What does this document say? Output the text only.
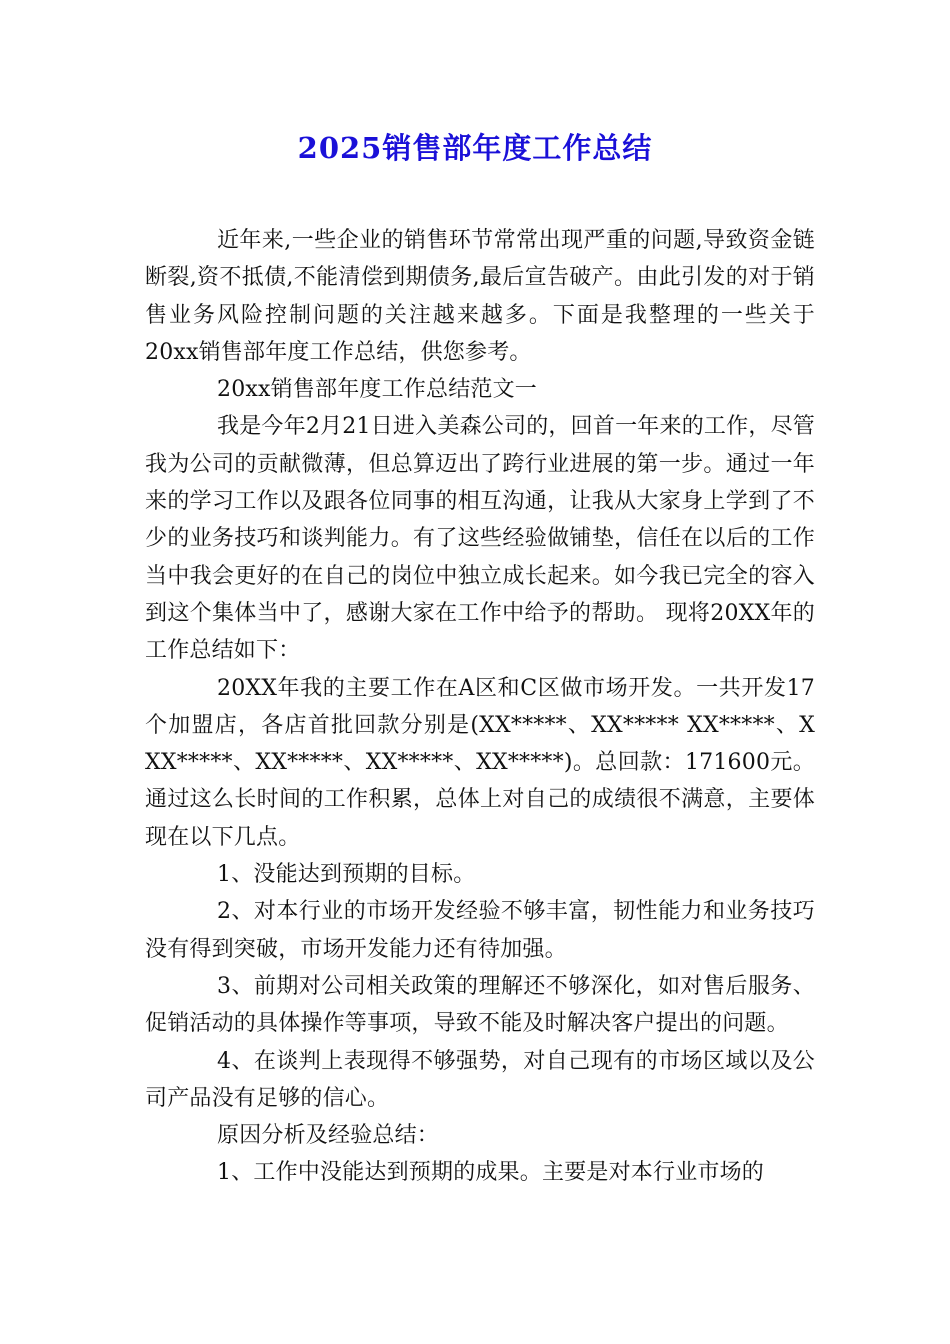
2025销售部年度工作总结

近年来,一些企业的销售环节常常出现严重的问题,导致资金链断裂,资不抵债,不能清偿到期债务,最后宣告破产。由此引发的对于销售业务风险控制问题的关注越来越多。下面是我整理的一些关于20xx销售部年度工作总结，供您参考。

20xx销售部年度工作总结范文一

我是今年2月21日进入美森公司的，回首一年来的工作，尽管我为公司的贡献微薄，但总算迈出了跨行业进展的第一步。通过一年来的学习工作以及跟各位同事的相互沟通，让我从大家身上学到了不少的业务技巧和谈判能力。有了这些经验做铺垫，信任在以后的工作当中我会更好的在自己的岗位中独立成长起来。如今我已完全的容入到这个集体当中了，感谢大家在工作中给予的帮助。 现将20XX年的工作总结如下：

20XX年我的主要工作在A区和C区做市场开发。一共开发17个加盟店，各店首批回款分别是(XX*****、XX***** XX*****、X XX*****、XX*****、XX*****、XX*****)。总回款：171600元。通过这么长时间的工作积累，总体上对自己的成绩很不满意，主要体现在以下几点。

1、没能达到预期的目标。

2、对本行业的市场开发经验不够丰富，韧性能力和业务技巧没有得到突破，市场开发能力还有待加强。

3、前期对公司相关政策的理解还不够深化，如对售后服务、促销活动的具体操作等事项，导致不能及时解决客户提出的问题。

4、在谈判上表现得不够强势，对自己现有的市场区域以及公司产品没有足够的信心。

原因分析及经验总结：

1、工作中没能达到预期的成果。主要是对本行业市场的
